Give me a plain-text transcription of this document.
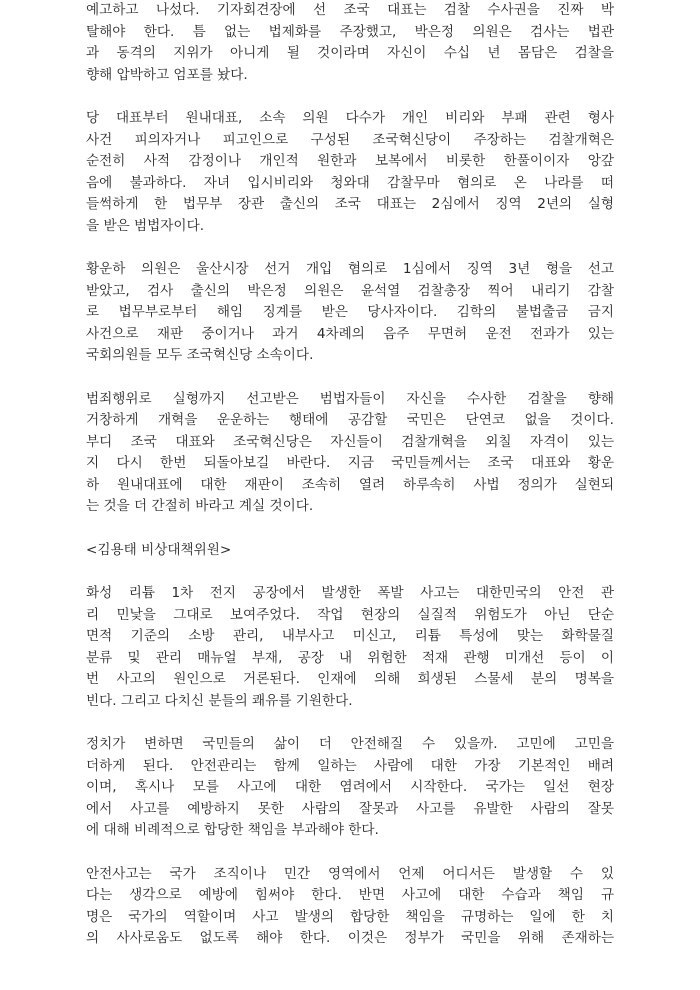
예고하고 나섰다. 기자회견장에 선 조국 대표는 검찰 수사권을 진짜 박
탈해야 한다. 틈 없는 법제화를 주장했고, 박은정 의원은 검사는 법관
과 동격의 지위가 아니게 될 것이라며 자신이 수십 년 몸담은 검찰을
향해 압박하고 엄포를 놨다.
당 대표부터 원내대표, 소속 의원 다수가 개인 비리와 부패 관련 형사
사건 피의자거나 피고인으로 구성된 조국혁신당이 주장하는 검찰개혁은
순전히 사적 감정이나 개인적 원한과 보복에서 비롯한 한풀이이자 앙갚
음에 불과하다. 자녀 입시비리와 청와대 감찰무마 혐의로 온 나라를 떠
들썩하게 한 법무부 장관 출신의 조국 대표는 2심에서 징역 2년의 실형
을 받은 범법자이다.
황운하 의원은 울산시장 선거 개입 혐의로 1심에서 징역 3년 형을 선고
받았고, 검사 출신의 박은정 의원은 윤석열 검찰총장 찍어 내리기 감찰
로 법무부로부터 해임 징계를 받은 당사자이다. 김학의 불법출금 금지
사건으로 재판 중이거나 과거 4차례의 음주 무면허 운전 전과가 있는
국회의원들 모두 조국혁신당 소속이다.
범죄행위로 실형까지 선고받은 범법자들이 자신을 수사한 검찰을 향해
거창하게 개혁을 운운하는 행태에 공감할 국민은 단연코 없을 것이다.
부디 조국 대표와 조국혁신당은 자신들이 검찰개혁을 외칠 자격이 있는
지 다시 한번 되돌아보길 바란다. 지금 국민들께서는 조국 대표와 황운
하 원내대표에 대한 재판이 조속히 열려 하루속히 사법 정의가 실현되
는 것을 더 간절히 바라고 계실 것이다.
<김용태 비상대책위원>
화성 리튬 1차 전지 공장에서 발생한 폭발 사고는 대한민국의 안전 관
리 민낯을 그대로 보여주었다. 작업 현장의 실질적 위험도가 아닌 단순
면적 기준의 소방 관리, 내부사고 미신고, 리튬 특성에 맞는 화학물질
분류 및 관리 매뉴얼 부재, 공장 내 위험한 적재 관행 미개선 등이 이
번 사고의 원인으로 거론된다. 인재에 의해 희생된 스물세 분의 명복을
빈다. 그리고 다치신 분들의 쾌유를 기원한다.
정치가 변하면 국민들의 삶이 더 안전해질 수 있을까. 고민에 고민을
더하게 된다. 안전관리는 함께 일하는 사람에 대한 가장 기본적인 배려
이며, 혹시나 모를 사고에 대한 염려에서 시작한다. 국가는 일선 현장
에서 사고를 예방하지 못한 사람의 잘못과 사고를 유발한 사람의 잘못
에 대해 비례적으로 합당한 책임을 부과해야 한다.
안전사고는 국가 조직이나 민간 영역에서 언제 어디서든 발생할 수 있
다는 생각으로 예방에 힘써야 한다. 반면 사고에 대한 수습과 책임 규
명은 국가의 역할이며 사고 발생의 합당한 책임을 규명하는 일에 한 치
의 사사로움도 없도록 해야 한다. 이것은 정부가 국민을 위해 존재하는
